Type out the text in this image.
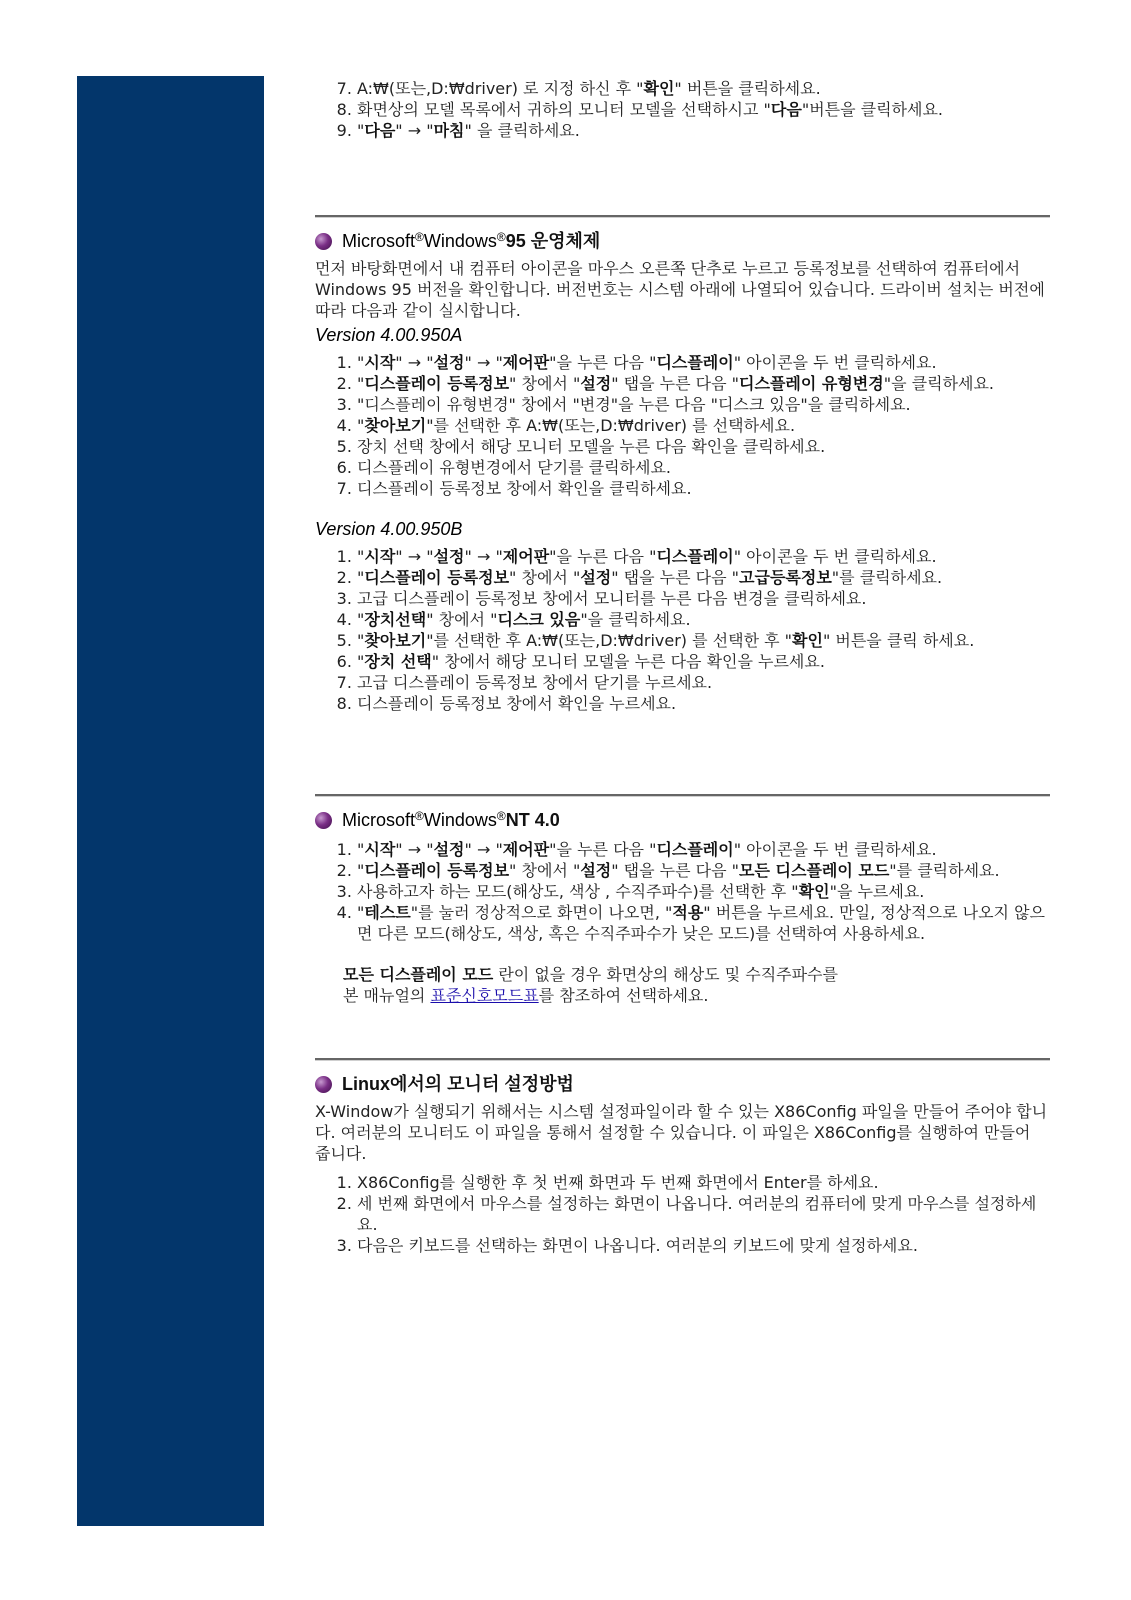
7. A:₩(또는,D:₩driver) 로 지정 하신 후 "확인" 버튼을 클릭하세요.
8. 화면상의 모델 목록에서 귀하의 모니터 모델을 선택하시고 "다음"버튼을 클릭하세요.
9. "다음" → "마침" 을 클릭하세요.
Microsoft® Windows® 95 운영체제

먼저 바탕화면에서 내 컴퓨터 아이콘을 마우스 오른쪽 단추로 누르고 등록정보를 선택하여 컴퓨터에서 Windows 95 버전을 확인합니다. 버전번호는 시스템 아래에 나열되어 있습니다. 드라이버 설치는 버전에 따라 다음과 같이 실시합니다.

Version 4.00.950A
1. "시작" → "설정" → "제어판"을 누른 다음 "디스플레이" 아이콘을 두 번 클릭하세요.
2. "디스플레이 등록정보" 창에서 "설정" 탭을 누른 다음 "디스플레이 유형변경"을 클릭하세요.
3. "디스플레이 유형변경" 창에서 "변경"을 누른 다음 "디스크 있음"을 클릭하세요.
4. "찾아보기"를 선택한 후 A:₩(또는,D:₩driver) 를 선택하세요.
5. 장치 선택 창에서 해당 모니터 모델을 누른 다음 확인을 클릭하세요.
6. 디스플레이 유형변경에서 닫기를 클릭하세요.
7. 디스플레이 등록정보 창에서 확인을 클릭하세요.
Version 4.00.950B
1. "시작" → "설정" → "제어판"을 누른 다음 "디스플레이" 아이콘을 두 번 클릭하세요.
2. "디스플레이 등록정보" 창에서 "설정" 탭을 누른 다음 "고급등록정보"를 클릭하세요.
3. 고급 디스플레이 등록정보 창에서 모니터를 누른 다음 변경을 클릭하세요.
4. "장치선택" 창에서 "디스크 있음"을 클릭하세요.
5. "찾아보기"를 선택한 후 A:₩(또는,D:₩driver) 를 선택한 후 "확인" 버튼을 클릭 하세요.
6. "장치 선택" 창에서 해당 모니터 모델을 누른 다음 확인을 누르세요.
7. 고급 디스플레이 등록정보 창에서 닫기를 누르세요.
8. 디스플레이 등록정보 창에서 확인을 누르세요.
Microsoft® Windows® NT 4.0
1. "시작" → "설정" → "제어판"을 누른 다음 "디스플레이" 아이콘을 두 번 클릭하세요.
2. "디스플레이 등록정보" 창에서 "설정" 탭을 누른 다음 "모든 디스플레이 모드"를 클릭하세요.
3. 사용하고자 하는 모드(해상도, 색상 , 수직주파수)를 선택한 후 "확인"을 누르세요.
4. "테스트"를 눌러 정상적으로 화면이 나오면, "적용" 버튼을 누르세요. 만일, 정상적으로 나오지 않으면 다른 모드(해상도, 색상, 혹은 수직주파수가 낮은 모드)를 선택하여 사용하세요.

모든 디스플레이 모드 란이 없을 경우 화면상의 해상도 및 수직주파수를

본 매뉴얼의 표준신호모드표를 참조하여 선택하세요.

Linux에서의 모니터 설정방법

X-Window가 실행되기 위해서는 시스템 설정파일이라 할 수 있는 X86Config 파일을 만들어 주어야 합니다. 여러분의 모니터도 이 파일을 통해서 설정할 수 있습니다. 이 파일은 X86Config를 실행하여 만들어 줍니다.

1. X86Config를 실행한 후 첫 번째 화면과 두 번째 화면에서 Enter를 하세요.
2. 세 번째 화면에서 마우스를 설정하는 화면이 나옵니다. 여러분의 컴퓨터에 맞게 마우스를 설정하세요.
3. 다음은 키보드를 선택하는 화면이 나옵니다. 여러분의 키보드에 맞게 설정하세요.
